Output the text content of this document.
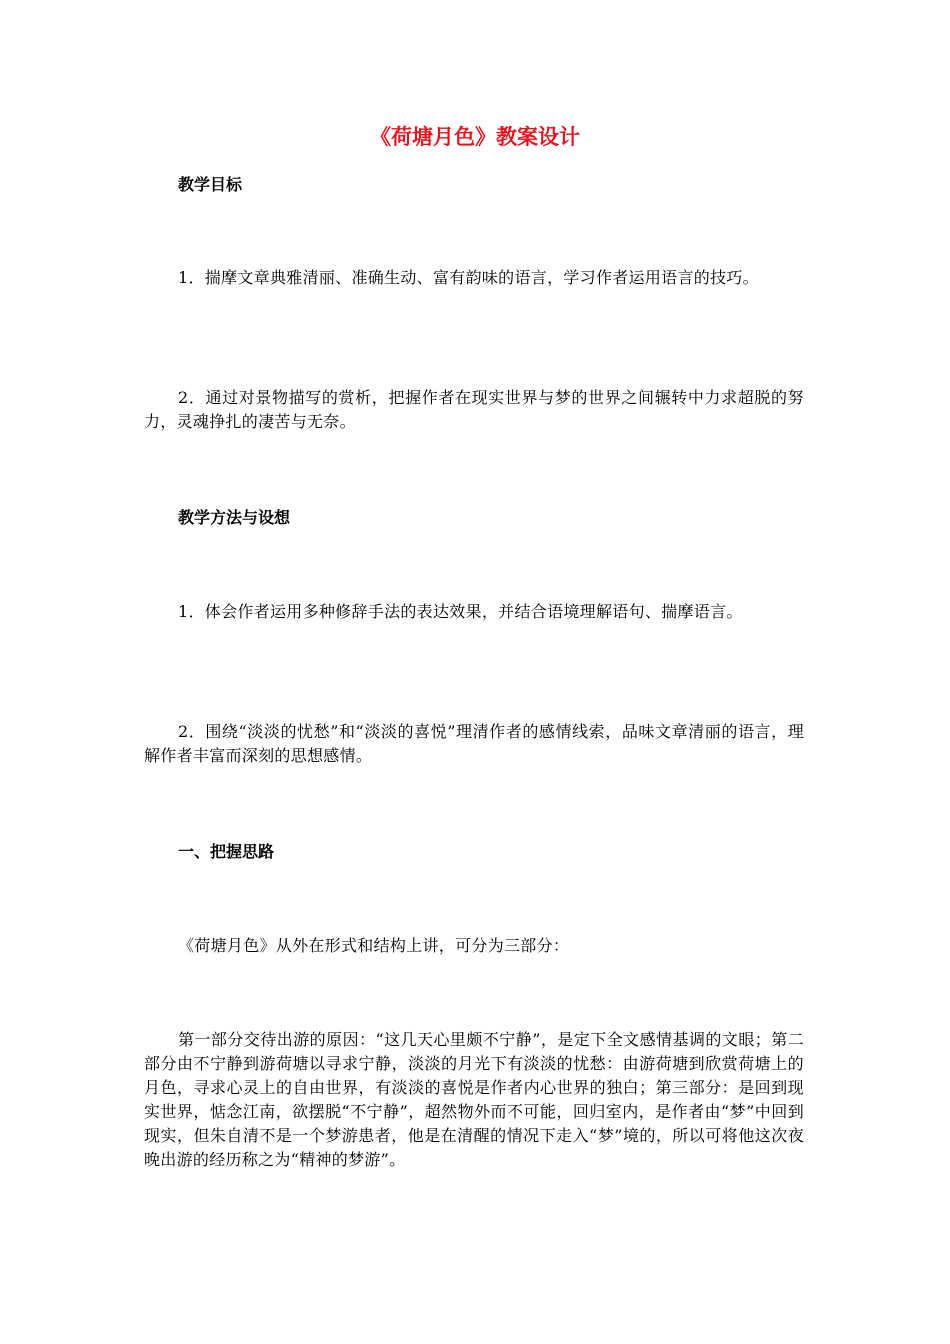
《荷塘月色》教案设计
教学目标
1．揣摩文章典雅清丽、准确生动、富有韵味的语言，学习作者运用语言的技巧。
2．通过对景物描写的赏析，把握作者在现实世界与梦的世界之间辗转中力求超脱的努力，灵魂挣扎的凄苦与无奈。
教学方法与设想
1．体会作者运用多种修辞手法的表达效果，并结合语境理解语句、揣摩语言。
2．围绕“淡淡的忧愁”和“淡淡的喜悦”理清作者的感情线索，品味文章清丽的语言，理解作者丰富而深刻的思想感情。
一、把握思路
《荷塘月色》从外在形式和结构上讲，可分为三部分：
第一部分交待出游的原因：“这几天心里颇不宁静”，是定下全文感情基调的文眼；第二部分由不宁静到游荷塘以寻求宁静，淡淡的月光下有淡淡的忧愁：由游荷塘到欣赏荷塘上的月色，寻求心灵上的自由世界，有淡淡的喜悦是作者内心世界的独白；第三部分：是回到现实世界，惦念江南，欲摆脱“不宁静”，超然物外而不可能，回归室内，是作者由“梦”中回到现实，但朱自清不是一个梦游患者，他是在清醒的情况下走入“梦”境的，所以可将他这次夜晚出游的经历称之为“精神的梦游”。
